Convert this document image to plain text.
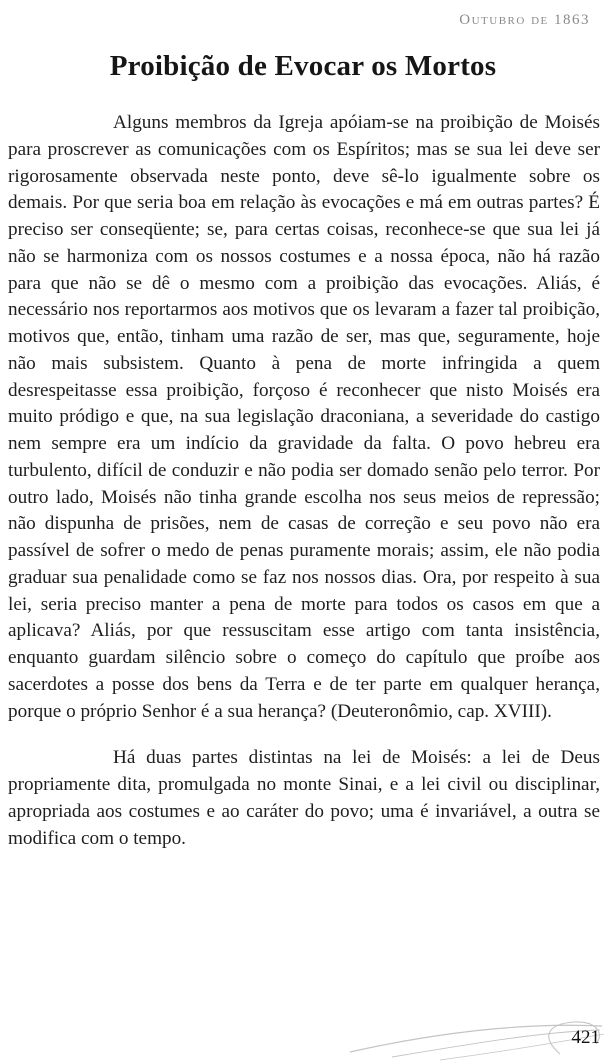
Outubro de 1863
Proibição de Evocar os Mortos

Alguns membros da Igreja apóiam-se na proibição de Moisés para proscrever as comunicações com os Espíritos; mas se sua lei deve ser rigorosamente observada neste ponto, deve sê-lo igualmente sobre os demais. Por que seria boa em relação às evocações e má em outras partes? É preciso ser conseqüente; se, para certas coisas, reconhece-se que sua lei já não se harmoniza com os nossos costumes e a nossa época, não há razão para que não se dê o mesmo com a proibição das evocações. Aliás, é necessário nos reportarmos aos motivos que os levaram a fazer tal proibição, motivos que, então, tinham uma razão de ser, mas que, seguramente, hoje não mais subsistem. Quanto à pena de morte infringida a quem desrespeitasse essa proibição, forçoso é reconhecer que nisto Moisés era muito pródigo e que, na sua legislação draconiana, a severidade do castigo nem sempre era um indício da gravidade da falta. O povo hebreu era turbulento, difícil de conduzir e não podia ser domado senão pelo terror. Por outro lado, Moisés não tinha grande escolha nos seus meios de repressão; não dispunha de prisões, nem de casas de correção e seu povo não era passível de sofrer o medo de penas puramente morais; assim, ele não podia graduar sua penalidade como se faz nos nossos dias. Ora, por respeito à sua lei, seria preciso manter a pena de morte para todos os casos em que a aplicava? Aliás, por que ressuscitam esse artigo com tanta insistência, enquanto guardam silêncio sobre o começo do capítulo que proíbe aos sacerdotes a posse dos bens da Terra e de ter parte em qualquer herança, porque o próprio Senhor é a sua herança? (Deuteronômio, cap. XVIII).

Há duas partes distintas na lei de Moisés: a lei de Deus propriamente dita, promulgada no monte Sinai, e a lei civil ou disciplinar, apropriada aos costumes e ao caráter do povo; uma é invariável, a outra se modifica com o tempo.

421
